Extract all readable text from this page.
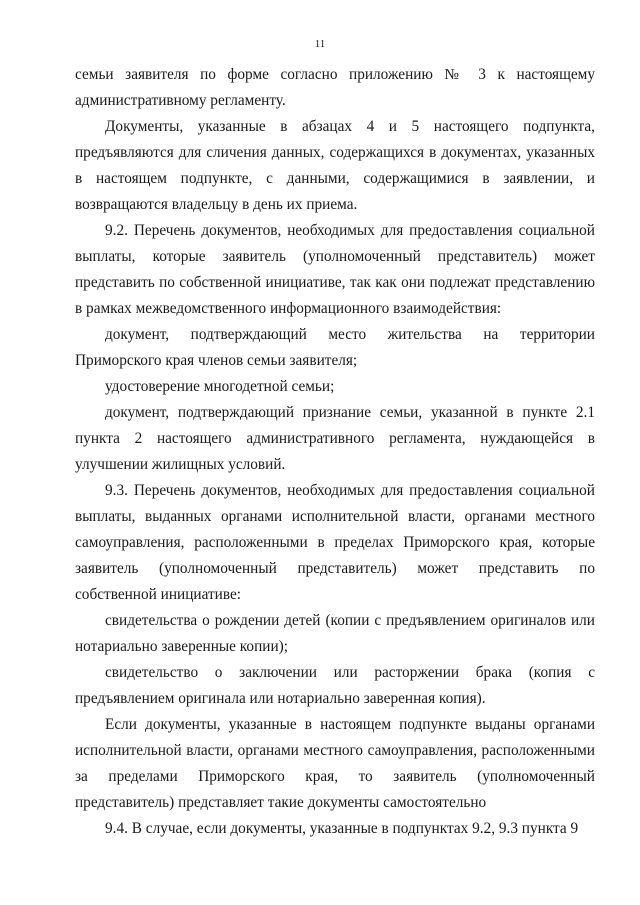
11

семьи заявителя по форме согласно приложению № 3 к настоящему административному регламенту.

Документы, указанные в абзацах 4 и 5 настоящего подпункта, предъявляются для сличения данных, содержащихся в документах, указанных в настоящем подпункте, с данными, содержащимися в заявлении, и возвращаются владельцу в день их приема.

9.2. Перечень документов, необходимых для предоставления социальной выплаты, которые заявитель (уполномоченный представитель) может представить по собственной инициативе, так как они подлежат представлению в рамках межведомственного информационного взаимодействия:

документ, подтверждающий место жительства на территории Приморского края членов семьи заявителя;

удостоверение многодетной семьи;

документ, подтверждающий признание семьи, указанной в пункте 2.1 пункта 2 настоящего административного регламента, нуждающейся в улучшении жилищных условий.

9.3. Перечень документов, необходимых для предоставления социальной выплаты, выданных органами исполнительной власти, органами местного самоуправления, расположенными в пределах Приморского края, которые заявитель (уполномоченный представитель) может представить по собственной инициативе:

свидетельства о рождении детей (копии с предъявлением оригиналов или нотариально заверенные копии);

свидетельство о заключении или расторжении брака (копия с предъявлением оригинала или нотариально заверенная копия).

Если документы, указанные в настоящем подпункте выданы органами исполнительной власти, органами местного самоуправления, расположенными за пределами Приморского края, то заявитель (уполномоченный представитель) представляет такие документы самостоятельно

9.4. В случае, если документы, указанные в подпунктах 9.2, 9.3 пункта 9
